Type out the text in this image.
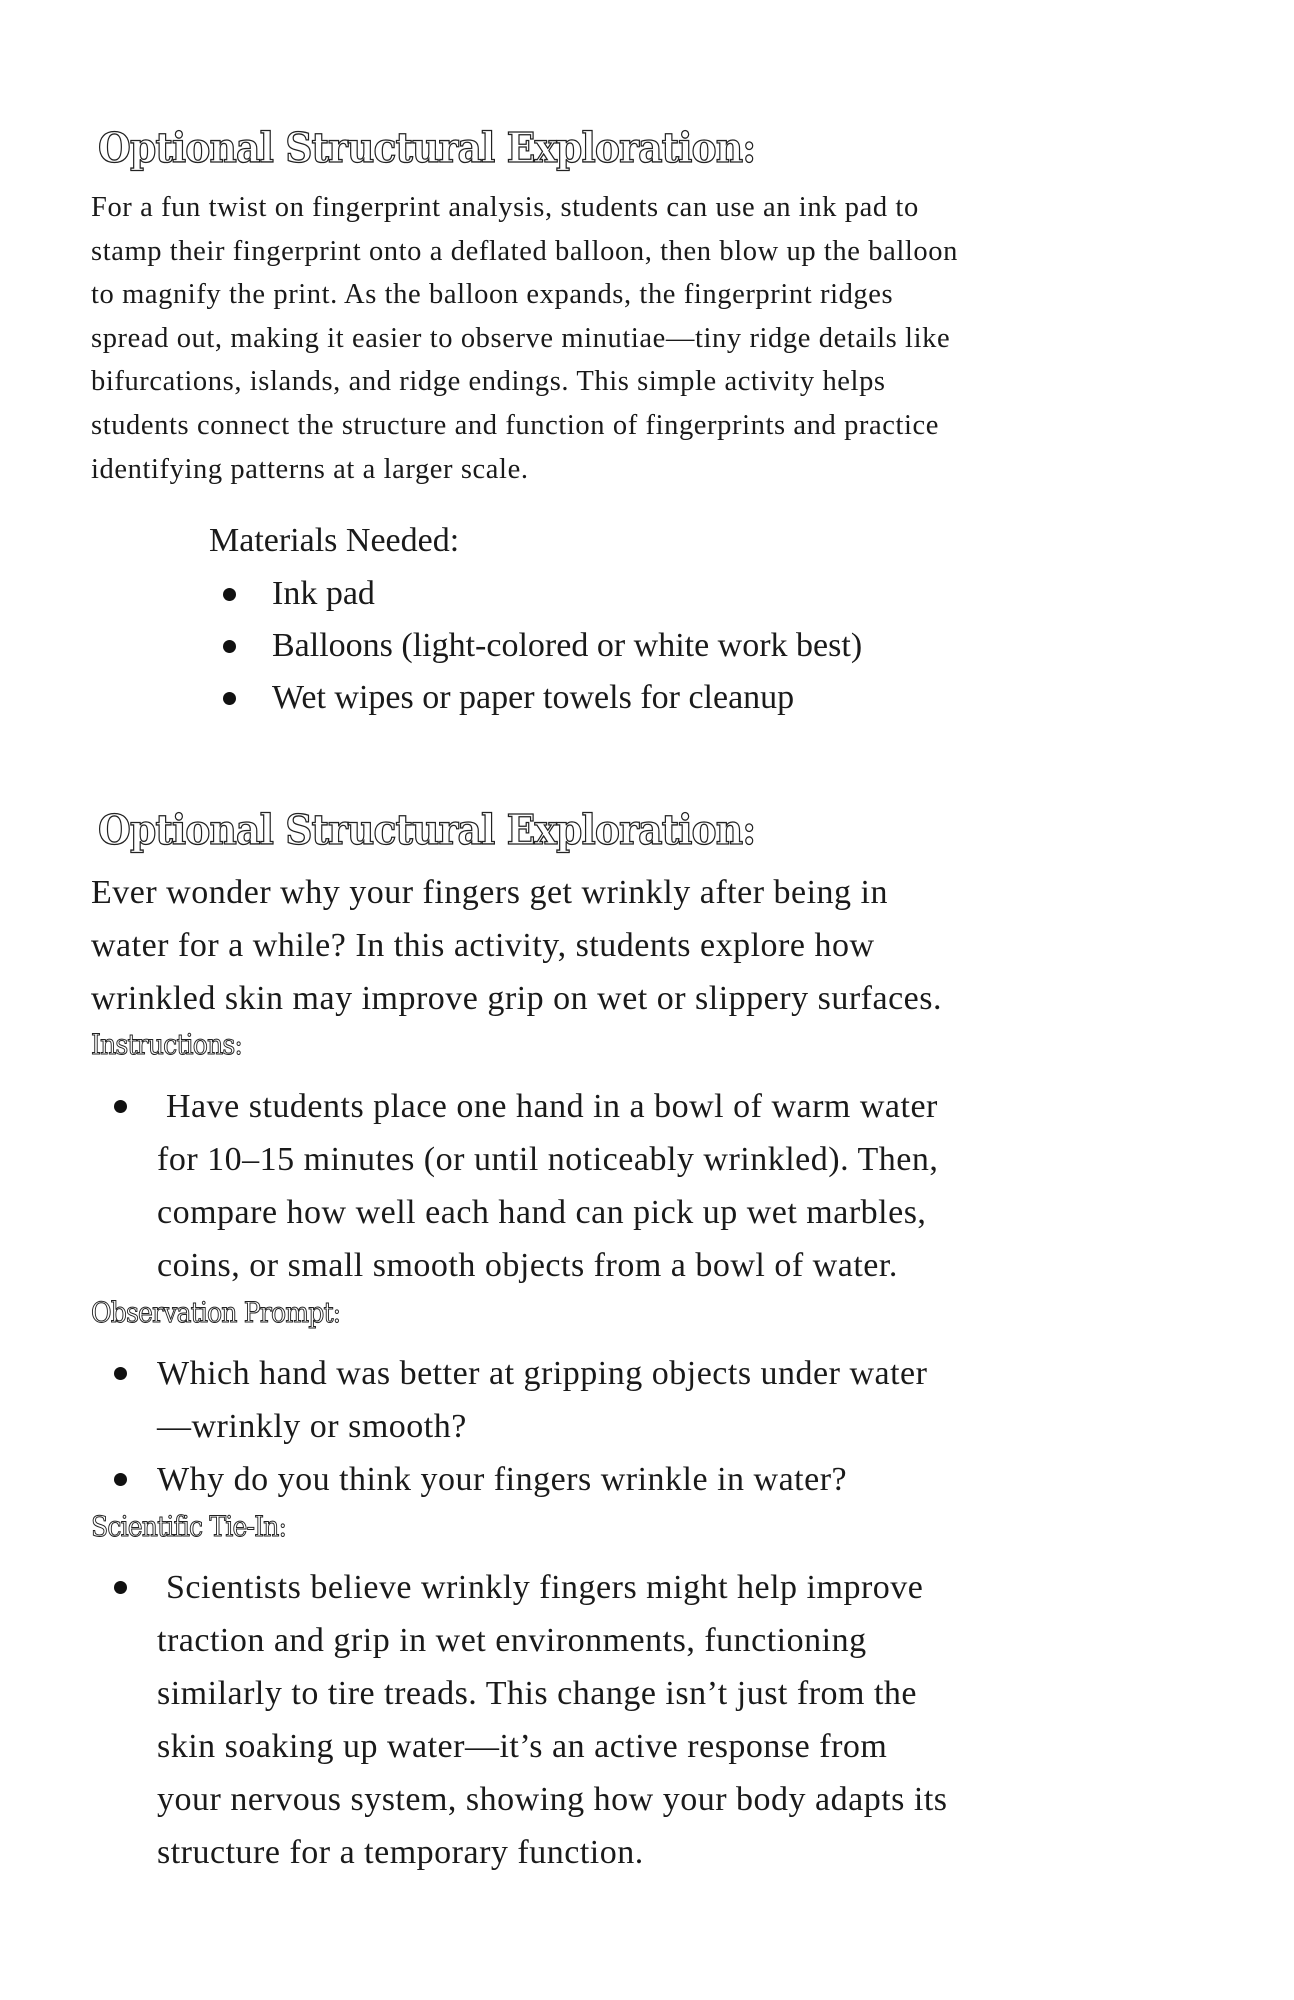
Optional Structural Exploration:
For a fun twist on fingerprint analysis, students can use an ink pad to
stamp their fingerprint onto a deflated balloon, then blow up the balloon
to magnify the print. As the balloon expands, the fingerprint ridges
spread out, making it easier to observe minutiae—tiny ridge details like
bifurcations, islands, and ridge endings. This simple activity helps
students connect the structure and function of fingerprints and practice
identifying patterns at a larger scale.
Materials Needed:
Ink pad
Balloons (light-colored or white work best)
Wet wipes or paper towels for cleanup
Optional Structural Exploration:
Ever wonder why your fingers get wrinkly after being in
water for a while? In this activity, students explore how
wrinkled skin may improve grip on wet or slippery surfaces.
Instructions:
Have students place one hand in a bowl of warm water
for 10–15 minutes (or until noticeably wrinkled). Then,
compare how well each hand can pick up wet marbles,
coins, or small smooth objects from a bowl of water.
Observation Prompt:
Which hand was better at gripping objects under water
—wrinkly or smooth?
Why do you think your fingers wrinkle in water?
Scientific Tie-In:
Scientists believe wrinkly fingers might help improve
traction and grip in wet environments, functioning
similarly to tire treads. This change isn’t just from the
skin soaking up water—it’s an active response from
your nervous system, showing how your body adapts its
structure for a temporary function.
